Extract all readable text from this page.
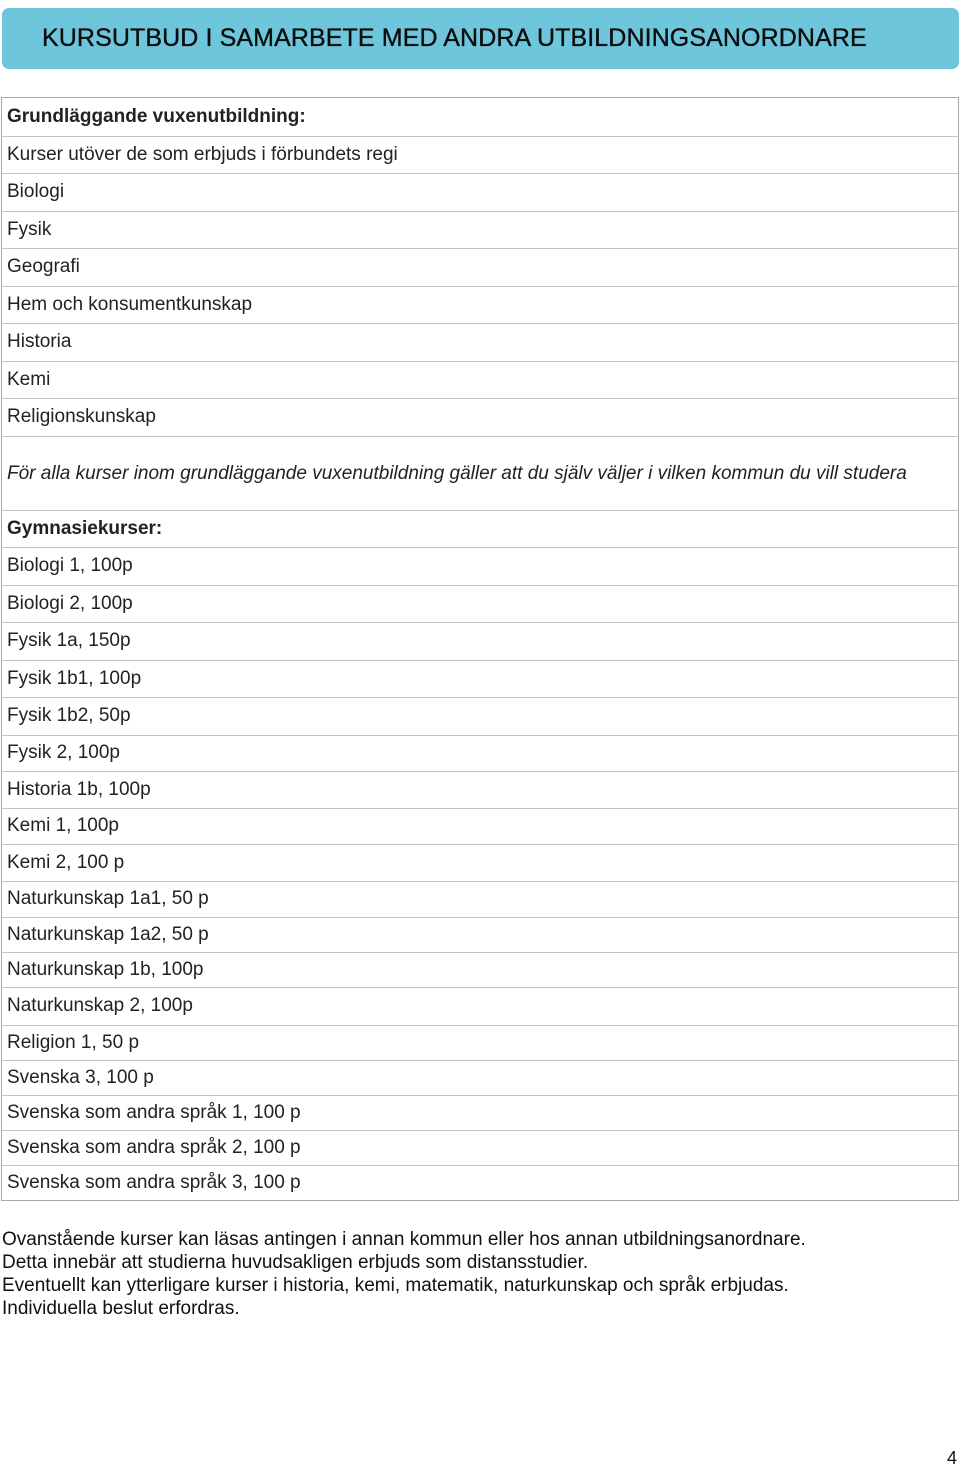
KURSUTBUD I SAMARBETE MED ANDRA UTBILDNINGSANORDNARE
Grundläggande vuxenutbildning:
Kurser utöver de som erbjuds i förbundets regi
Biologi
Fysik
Geografi
Hem och konsumentkunskap
Historia
Kemi
Religionskunskap
För alla kurser inom grundläggande vuxenutbildning gäller att du själv väljer i vilken kommun du vill studera
Gymnasiekurser:
Biologi 1, 100p
Biologi 2, 100p
Fysik 1a, 150p
Fysik 1b1, 100p
Fysik 1b2, 50p
Fysik 2, 100p
Historia 1b, 100p
Kemi 1, 100p
Kemi 2, 100 p
Naturkunskap 1a1, 50 p
Naturkunskap 1a2, 50 p
Naturkunskap 1b, 100p
Naturkunskap 2, 100p
Religion 1, 50 p
Svenska 3, 100 p
Svenska som andra språk 1, 100 p
Svenska som andra språk 2, 100 p
Svenska som andra språk 3, 100 p
Ovanstående kurser kan läsas antingen i annan kommun eller hos annan utbildningsanordnare.
Detta innebär att studierna huvudsakligen erbjuds som distansstudier.
Eventuellt kan ytterligare kurser i historia, kemi, matematik, naturkunskap och språk erbjudas.
Individuella beslut erfordras.
4
